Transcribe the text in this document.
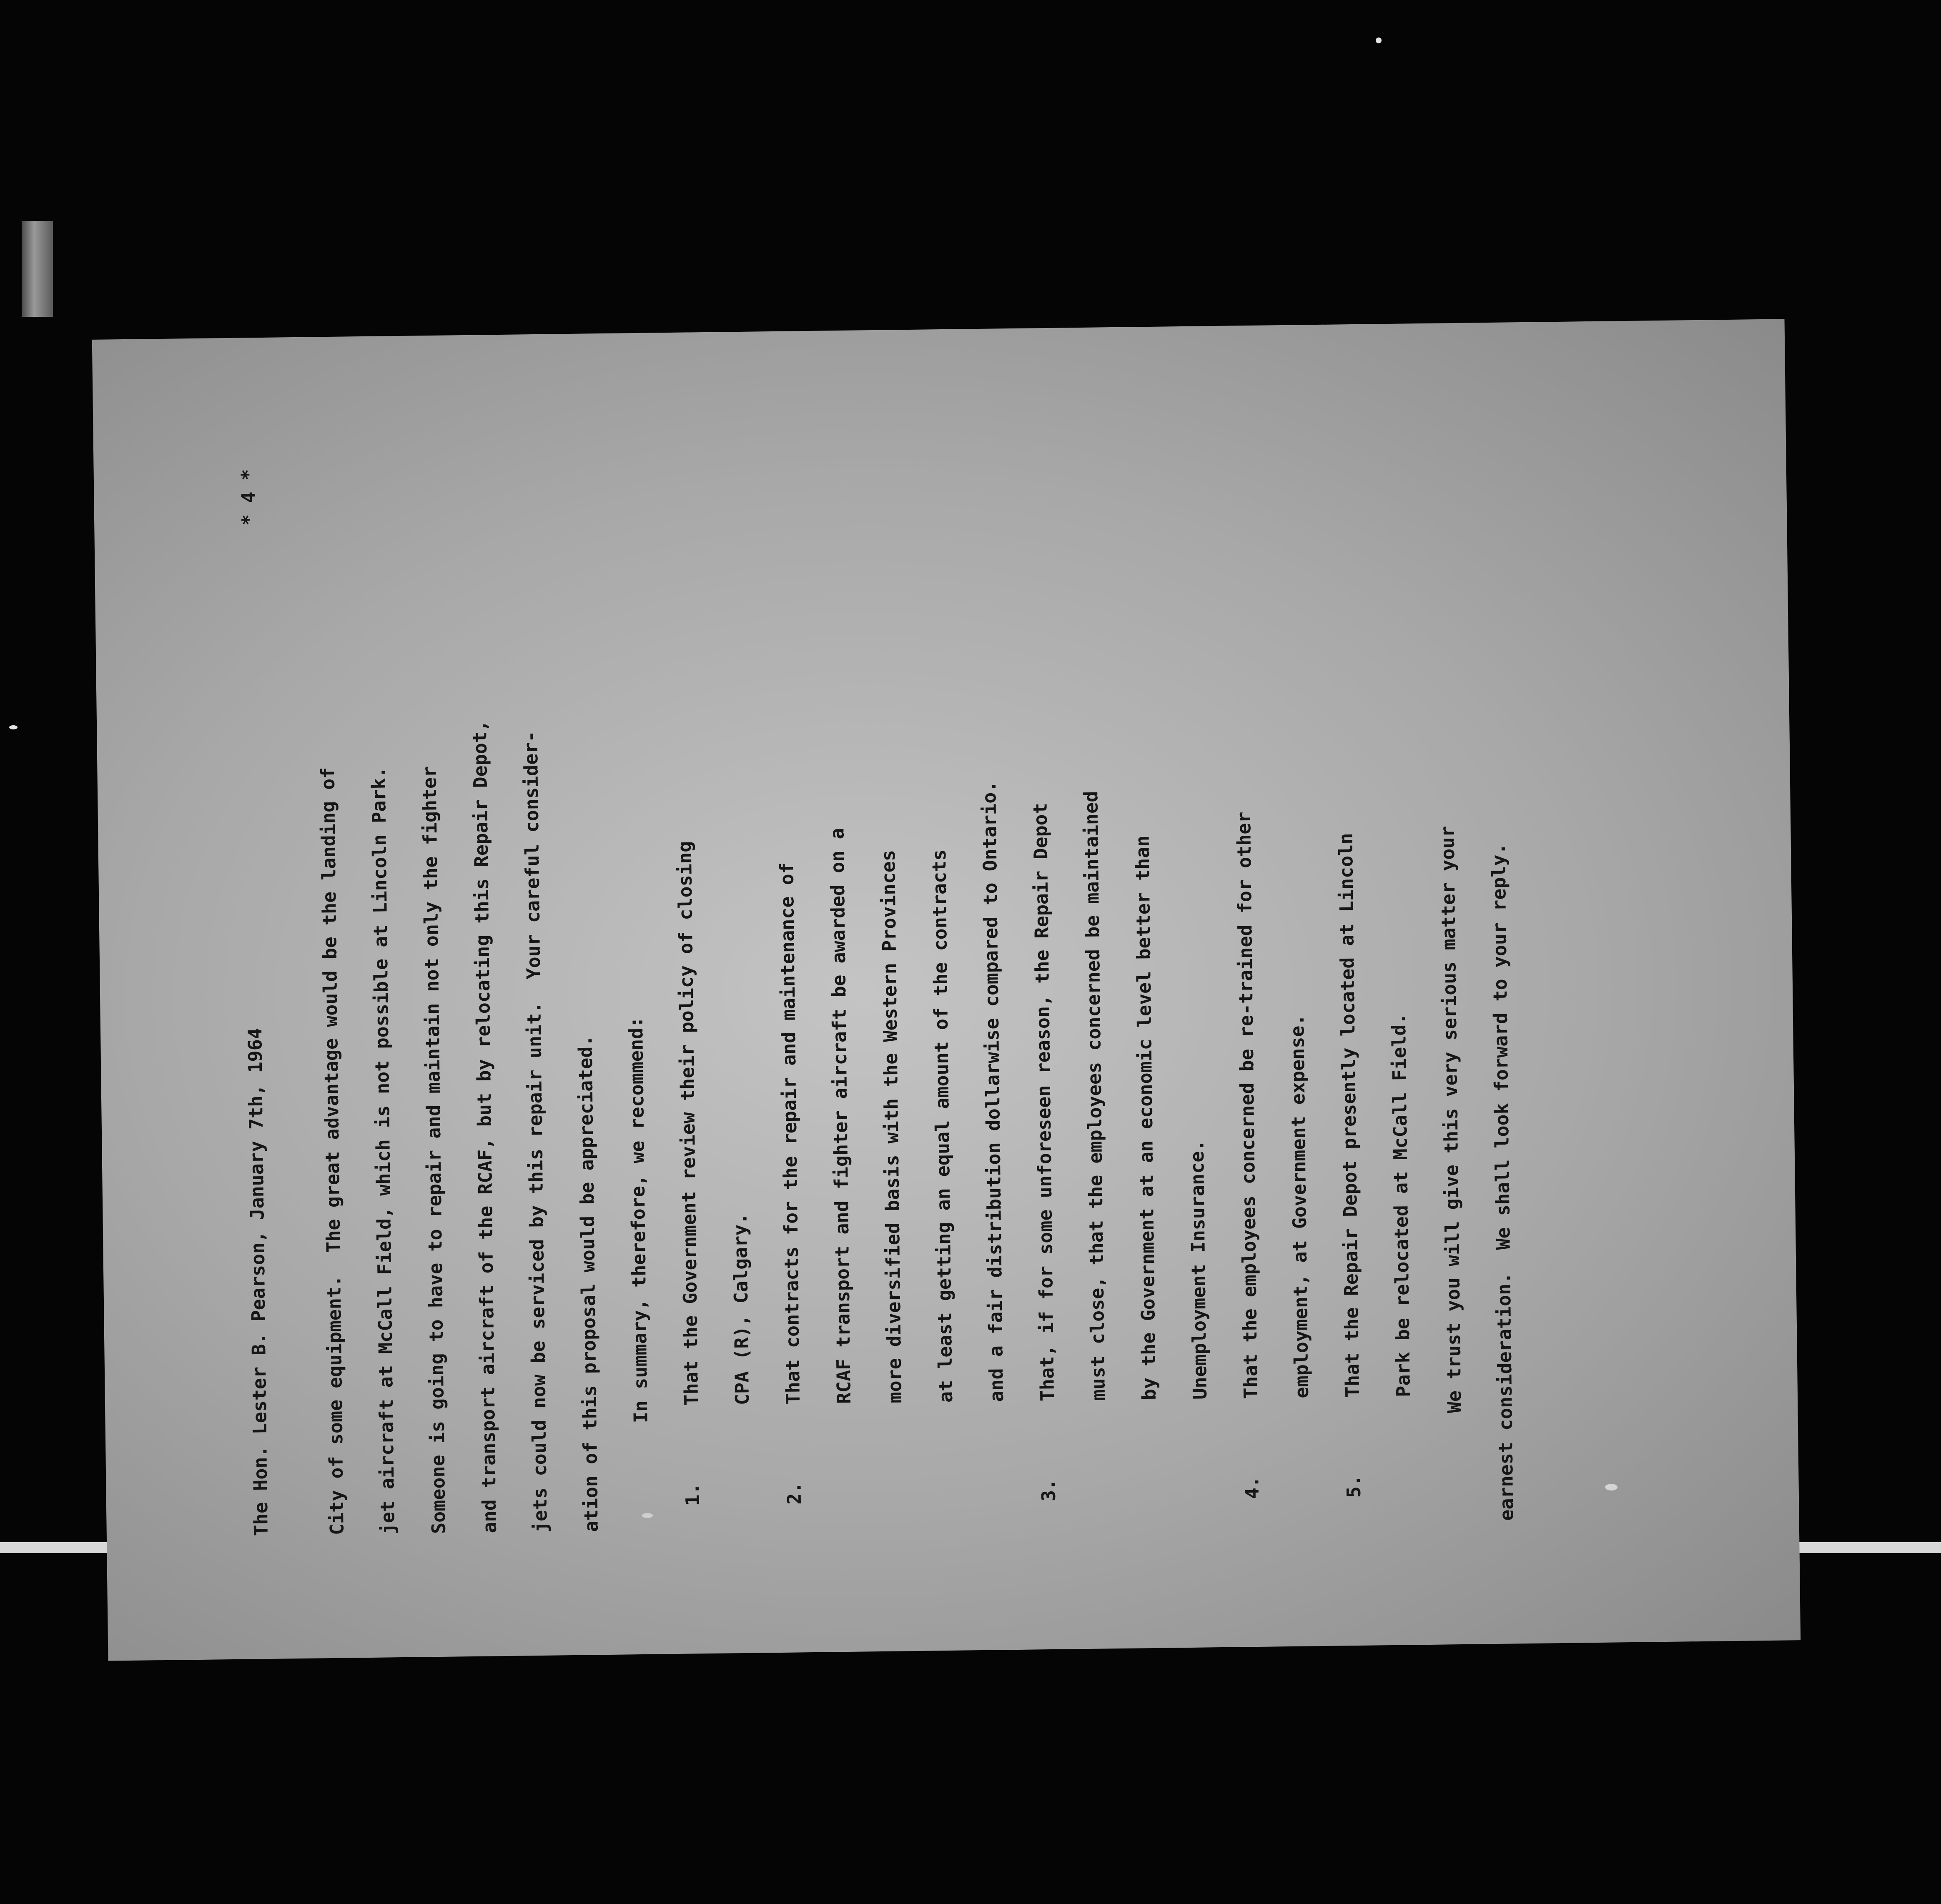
The Hon. Lester B. Pearson, January 7th, 1964
* 4 *
City of some equipment.  The great advantage would be the landing of	jet aircraft at McCall Field, which is not possible at Lincoln Park.	Someone is going to have to repair and maintain not only the fighter	and transport aircraft of the RCAF, but by relocating this Repair Depot,	jets could now be serviced by this repair unit.  Your careful consider-	ation of this proposal would be appreciated.	In summary, therefore, we recommend:
1.
That the Government review their policy of closing	CPA (R), Calgary.
2.
That contracts for the repair and maintenance of	RCAF transport and fighter aircraft be awarded on a	more diversified basis with the Western Provinces	at least getting an equal amount of the contracts	and a fair distribution dollarwise compared to Ontario.
3.
That, if for some unforeseen reason, the Repair Depot	must close, that the employees concerned be maintained	by the Government at an economic level better than	Unemployment Insurance.
4.
That the employees concerned be re-trained for other	employment, at Government expense.
5.
That the Repair Depot presently located at Lincoln	Park be relocated at McCall Field.	We trust you will give this very serious matter your	earnest consideration.  We shall look forward to your reply.
